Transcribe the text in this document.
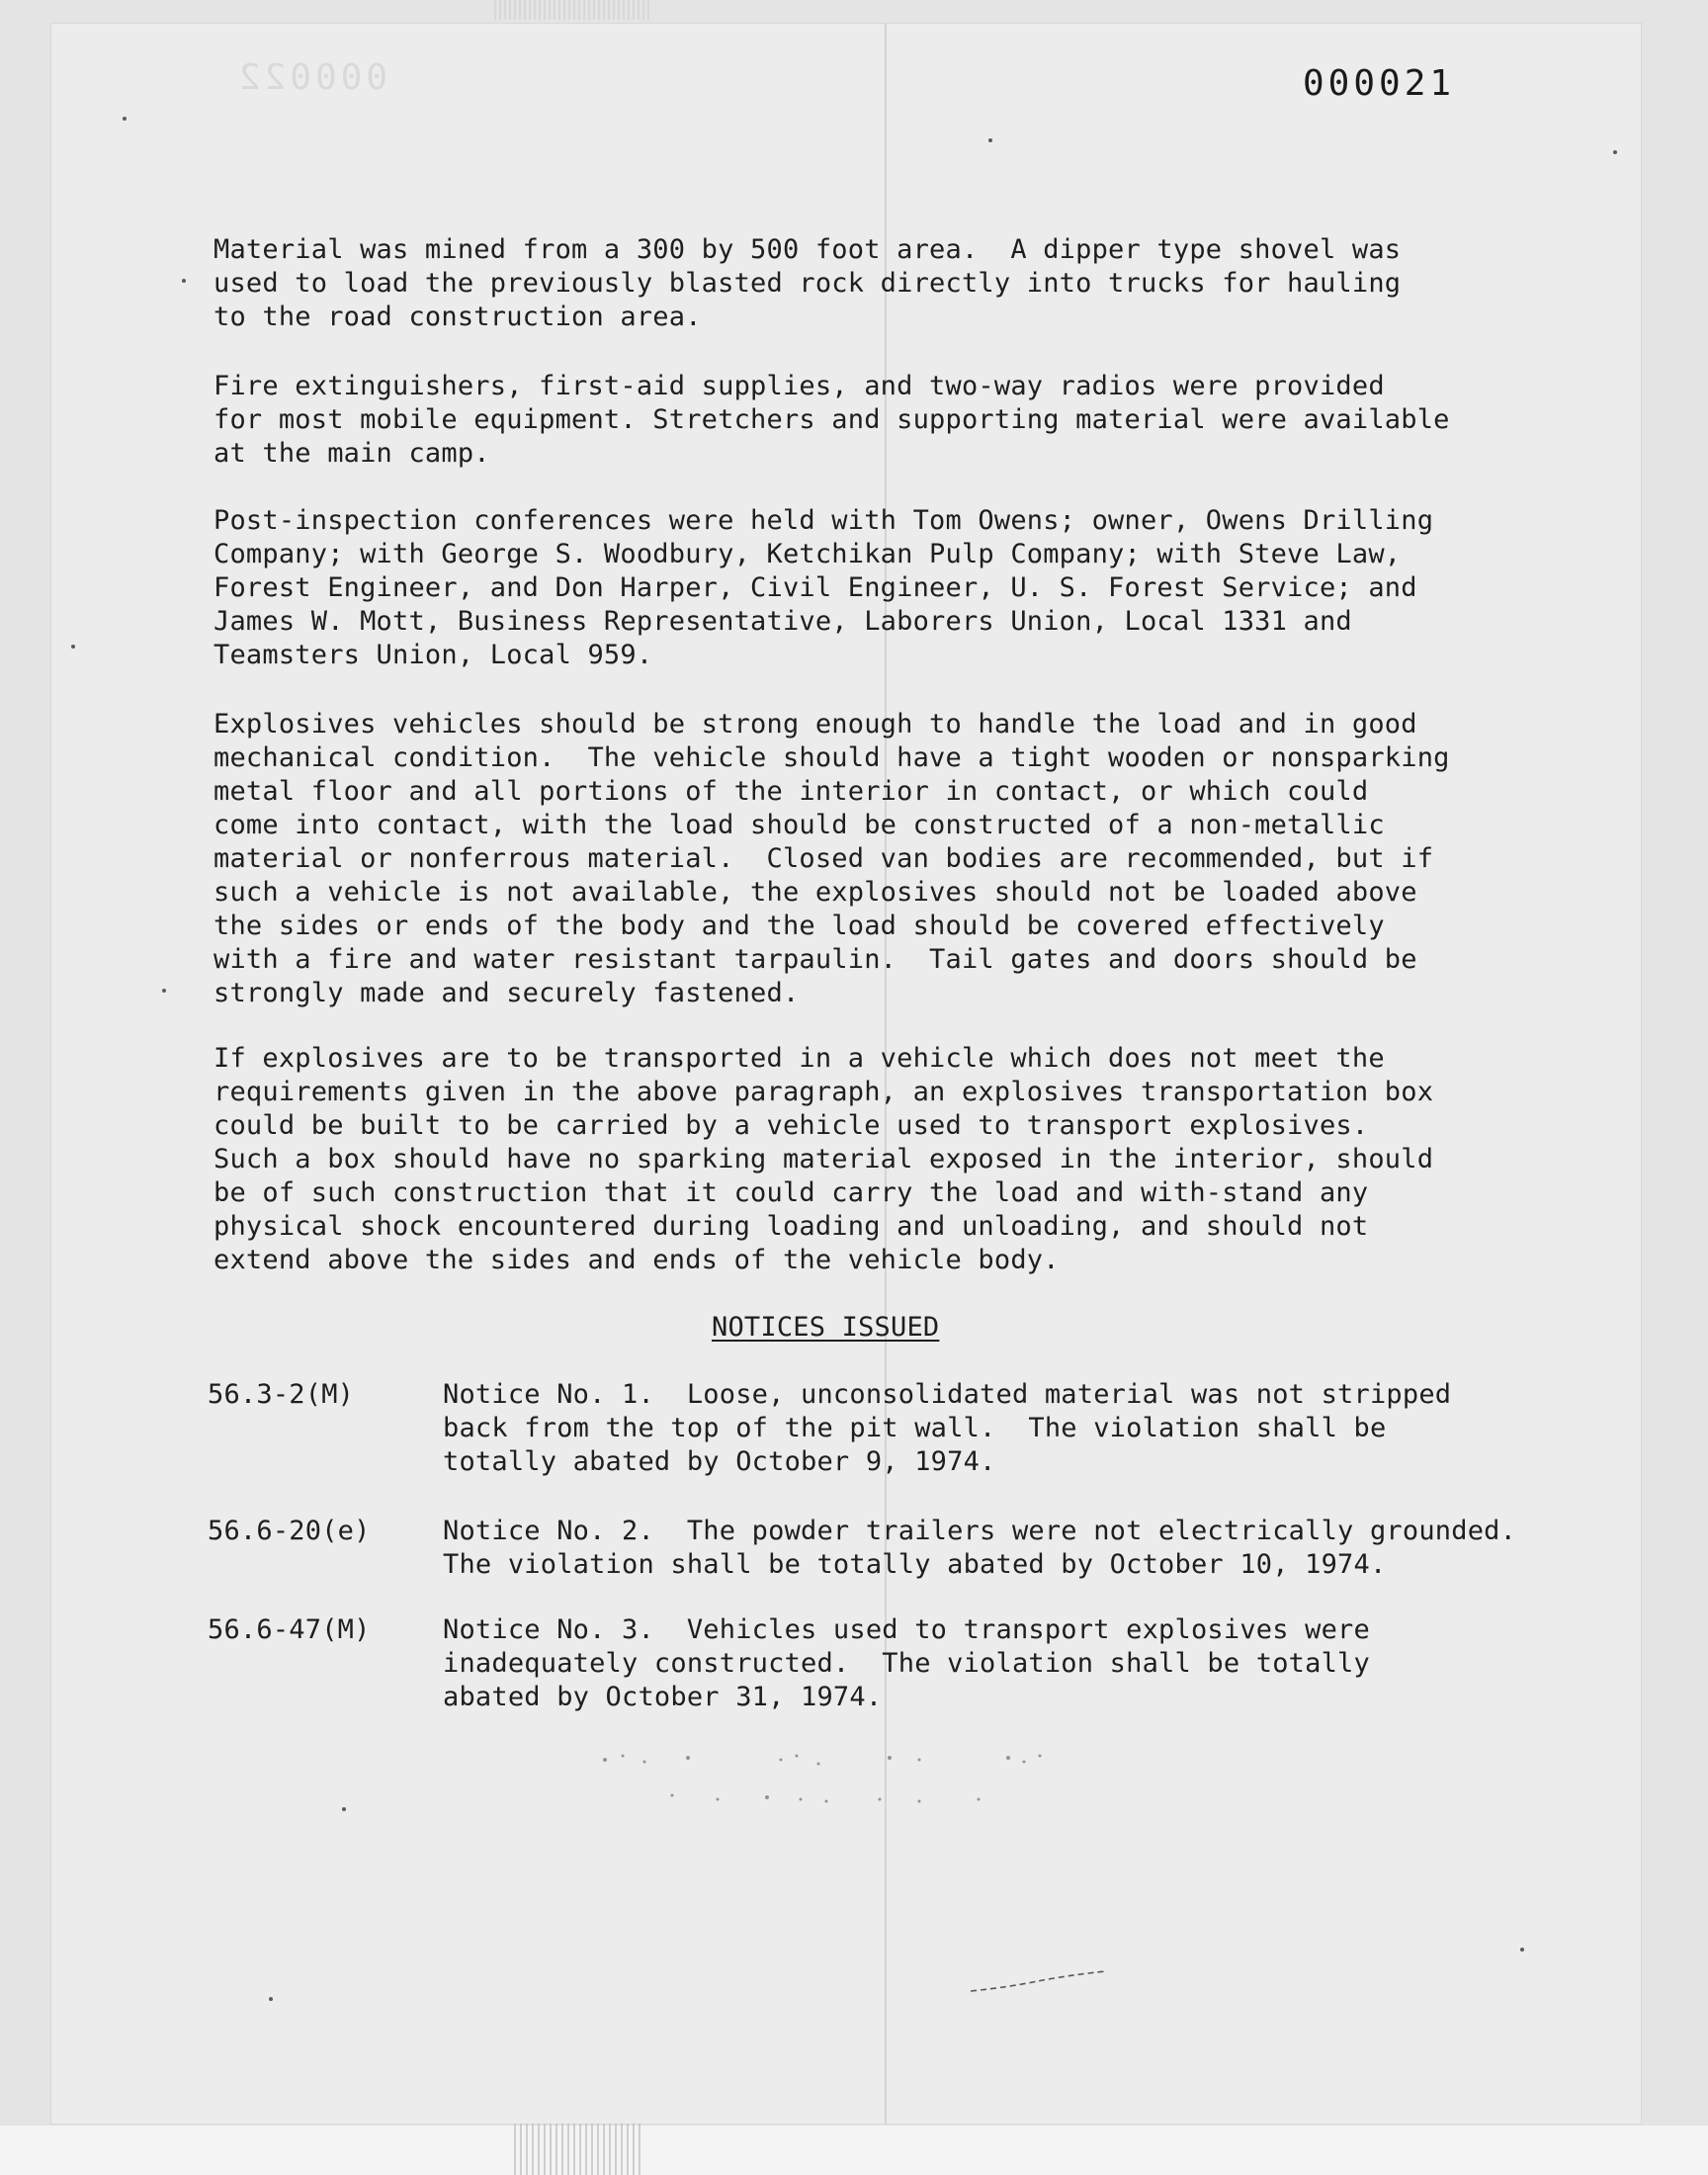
000022	000021

Material was mined from a 300 by 500 foot area.  A dipper type shovel was
used to load the previously blasted rock directly into trucks for hauling
to the road construction area.

Fire extinguishers, first-aid supplies, and two-way radios were provided
for most mobile equipment. Stretchers and supporting material were available
at the main camp.

Post-inspection conferences were held with Tom Owens; owner, Owens Drilling
Company; with George S. Woodbury, Ketchikan Pulp Company; with Steve Law,
Forest Engineer, and Don Harper, Civil Engineer, U. S. Forest Service; and
James W. Mott, Business Representative, Laborers Union, Local 1331 and
Teamsters Union, Local 959.

Explosives vehicles should be strong enough to handle the load and in good
mechanical condition.  The vehicle should have a tight wooden or nonsparking
metal floor and all portions of the interior in contact, or which could
come into contact, with the load should be constructed of a non-metallic
material or nonferrous material.  Closed van bodies are recommended, but if
such a vehicle is not available, the explosives should not be loaded above
the sides or ends of the body and the load should be covered effectively
with a fire and water resistant tarpaulin.  Tail gates and doors should be
strongly made and securely fastened.

If explosives are to be transported in a vehicle which does not meet the
requirements given in the above paragraph, an explosives transportation box
could be built to be carried by a vehicle used to transport explosives.
Such a box should have no sparking material exposed in the interior, should
be of such construction that it could carry the load and with-stand any
physical shock encountered during loading and unloading, and should not
extend above the sides and ends of the vehicle body.

NOTICES ISSUED

56.3-2(M)	Notice No. 1.  Loose, unconsolidated material was not stripped
back from the top of the pit wall.  The violation shall be
totally abated by October 9, 1974.

56.6-20(e)	Notice No. 2.  The powder trailers were not electrically grounded.
The violation shall be totally abated by October 10, 1974.

56.6-47(M)	Notice No. 3.  Vehicles used to transport explosives were
inadequately constructed.  The violation shall be totally
abated by October 31, 1974.
